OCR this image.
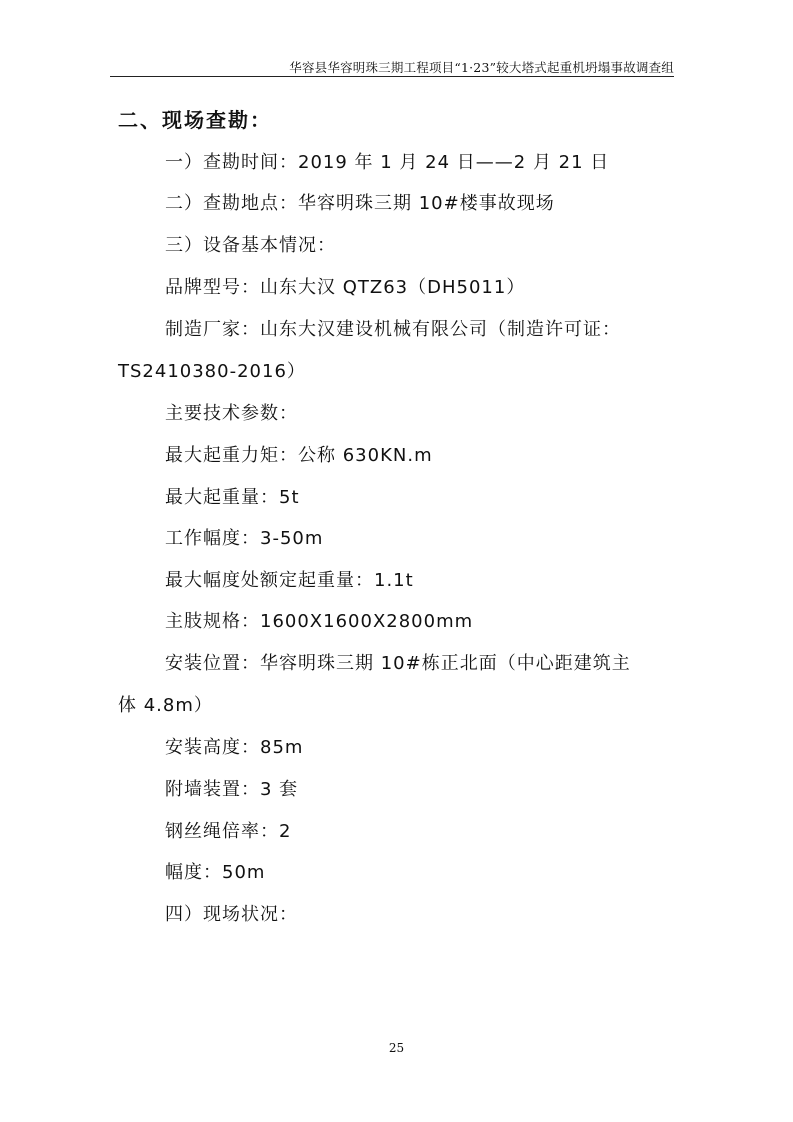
华容县华容明珠三期工程项目“1·23”较大塔式起重机坍塌事故调查组
二、现场查勘：
一）查勘时间：2019 年 1 月 24 日——2 月 21 日
二）查勘地点：华容明珠三期 10#楼事故现场
三）设备基本情况：
品牌型号：山东大汉 QTZ63（DH5011）
制造厂家：山东大汉建设机械有限公司（制造许可证：
TS2410380-2016）
主要技术参数：
最大起重力矩：公称 630KN.m
最大起重量：5t
工作幅度：3-50m
最大幅度处额定起重量：1.1t
主肢规格：1600X1600X2800mm
安装位置：华容明珠三期 10#栋正北面（中心距建筑主
体 4.8m）
安装高度：85m
附墙装置：3 套
钢丝绳倍率：2
幅度：50m
四）现场状况：
25
